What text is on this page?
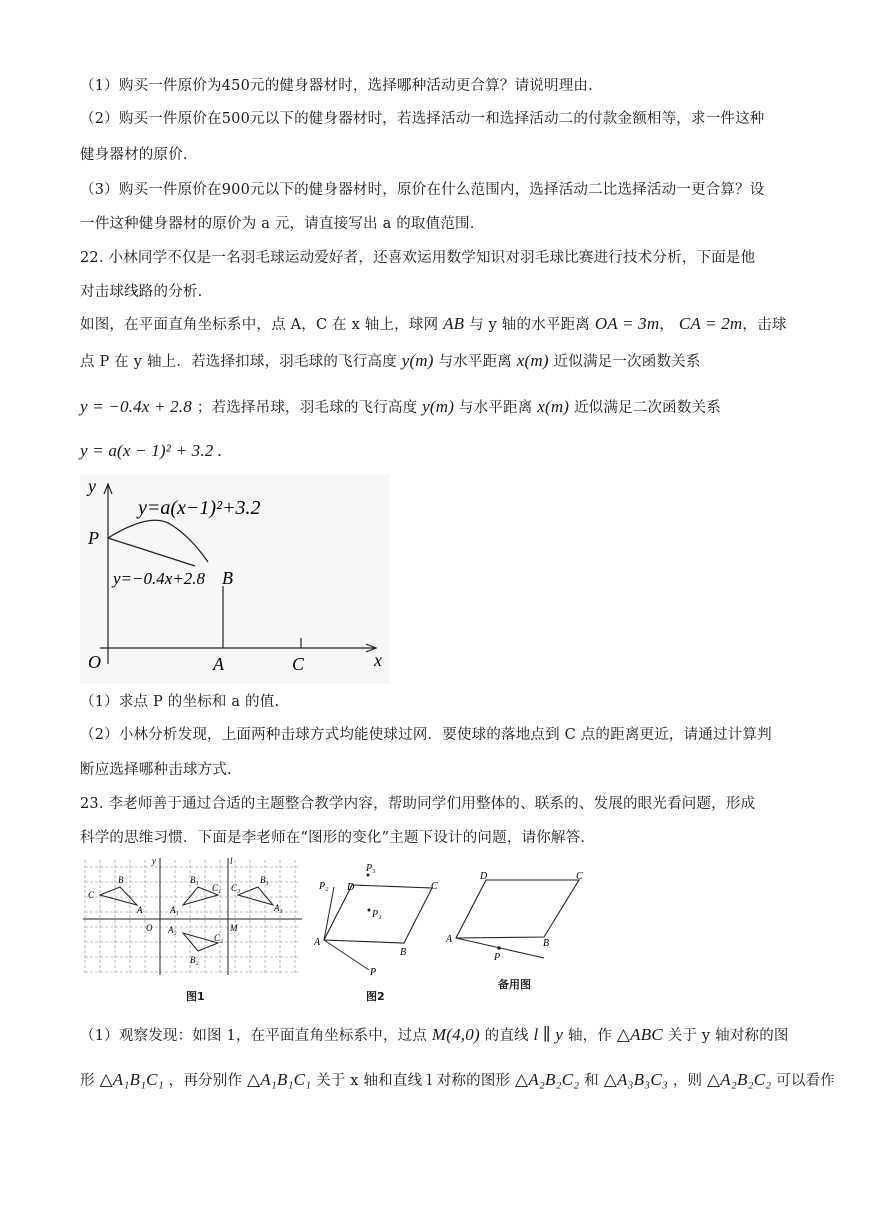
（1）购买一件原价为450元的健身器材时，选择哪种活动更合算？请说明理由.
（2）购买一件原价在500元以下的健身器材时，若选择活动一和选择活动二的付款金额相等，求一件这种
健身器材的原价.
（3）购买一件原价在900元以下的健身器材时，原价在什么范围内，选择活动二比选择活动一更合算？设
一件这种健身器材的原价为 a 元，请直接写出 a 的取值范围.
22. 小林同学不仅是一名羽毛球运动爱好者，还喜欢运用数学知识对羽毛球比赛进行技术分析，下面是他
对击球线路的分析.
如图，在平面直角坐标系中，点 A，C 在 x 轴上，球网 AB 与 y 轴的水平距离 OA = 3m， CA = 2m，击球
点 P 在 y 轴上．若选择扣球，羽毛球的飞行高度 y(m) 与水平距离 x(m) 近似满足一次函数关系
y = −0.4x + 2.8 ；若选择吊球，羽毛球的飞行高度 y(m) 与水平距离 x(m) 近似满足二次函数关系
y = a(x − 1)² + 3.2 .
y
x
O
P
A	C
B
y=a(x−1)²+3.2
y=−0.4x+2.8
（1）求点 P 的坐标和 a 的值.
（2）小林分析发现，上面两种击球方式均能使球过网．要使球的落地点到 C 点的距离更近，请通过计算判
断应选择哪种击球方式.
23. 李老师善于通过合适的主题整合教学内容，帮助同学们用整体的、联系的、发展的眼光看问题，形成
科学的思维习惯．下面是李老师在“图形的变化”主题下设计的问题，请你解答.
y	l
O	M
C
B
A	A₁
B₁
C₁
A₂
B₂
C₂
A₃
B₃
C₃
图1
A
B
C
D
P
P₁
P₂
P₃
图2
A	B
C
D
P
备用图
（1）观察发现：如图 1，在平面直角坐标系中，过点 M(4,0) 的直线 l ∥ y 轴，作 △ABC 关于 y 轴对称的图
形 △A₁B₁C₁ ，再分别作 △A₁B₁C₁ 关于 x 轴和直线 l 对称的图形 △A₂B₂C₂ 和 △A₃B₃C₃ ，则 △A₂B₂C₂ 可以看作
